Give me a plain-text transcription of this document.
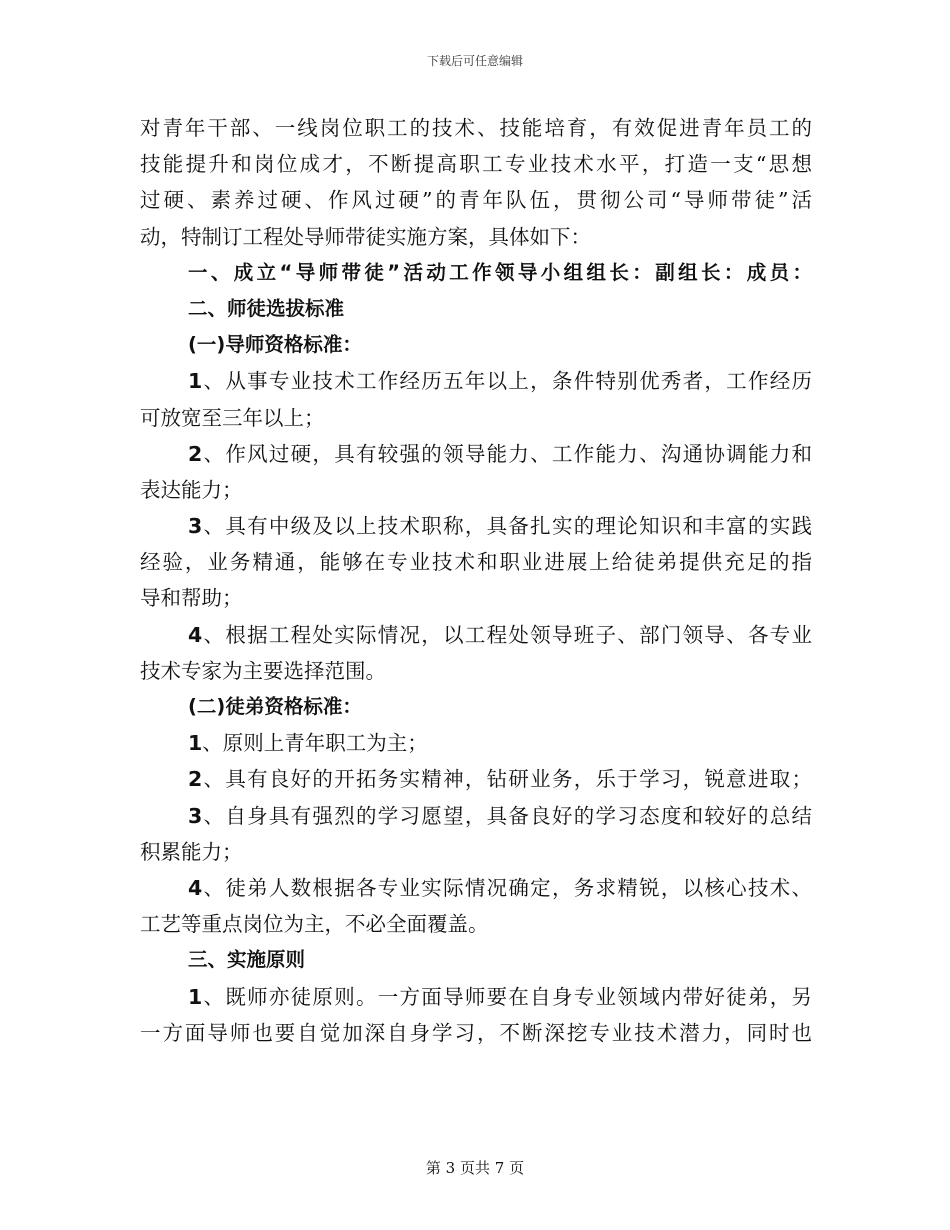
下载后可任意编辑
对青年干部、一线岗位职工的技术、技能培育，有效促进青年员工的
技能提升和岗位成才，不断提高职工专业技术水平，打造一支“思想
过硬、素养过硬、作风过硬”的青年队伍，贯彻公司“导师带徒”活
动，特制订工程处导师带徒实施方案，具体如下：
一、成立“导师带徒”活动工作领导小组组长：副组长：成员：
二、师徒选拔标准
(一)导师资格标准：
1、从事专业技术工作经历五年以上，条件特别优秀者，工作经历
可放宽至三年以上；
2、作风过硬，具有较强的领导能力、工作能力、沟通协调能力和
表达能力；
3、具有中级及以上技术职称，具备扎实的理论知识和丰富的实践
经验，业务精通，能够在专业技术和职业进展上给徒弟提供充足的指
导和帮助；
4、根据工程处实际情况，以工程处领导班子、部门领导、各专业
技术专家为主要选择范围。
(二)徒弟资格标准：
1、原则上青年职工为主；
2、具有良好的开拓务实精神，钻研业务，乐于学习，锐意进取；
3、自身具有强烈的学习愿望，具备良好的学习态度和较好的总结
积累能力；
4、徒弟人数根据各专业实际情况确定，务求精锐，以核心技术、
工艺等重点岗位为主，不必全面覆盖。
三、实施原则
1、既师亦徒原则。一方面导师要在自身专业领域内带好徒弟，另
一方面导师也要自觉加深自身学习，不断深挖专业技术潜力，同时也
第 3 页共 7 页
